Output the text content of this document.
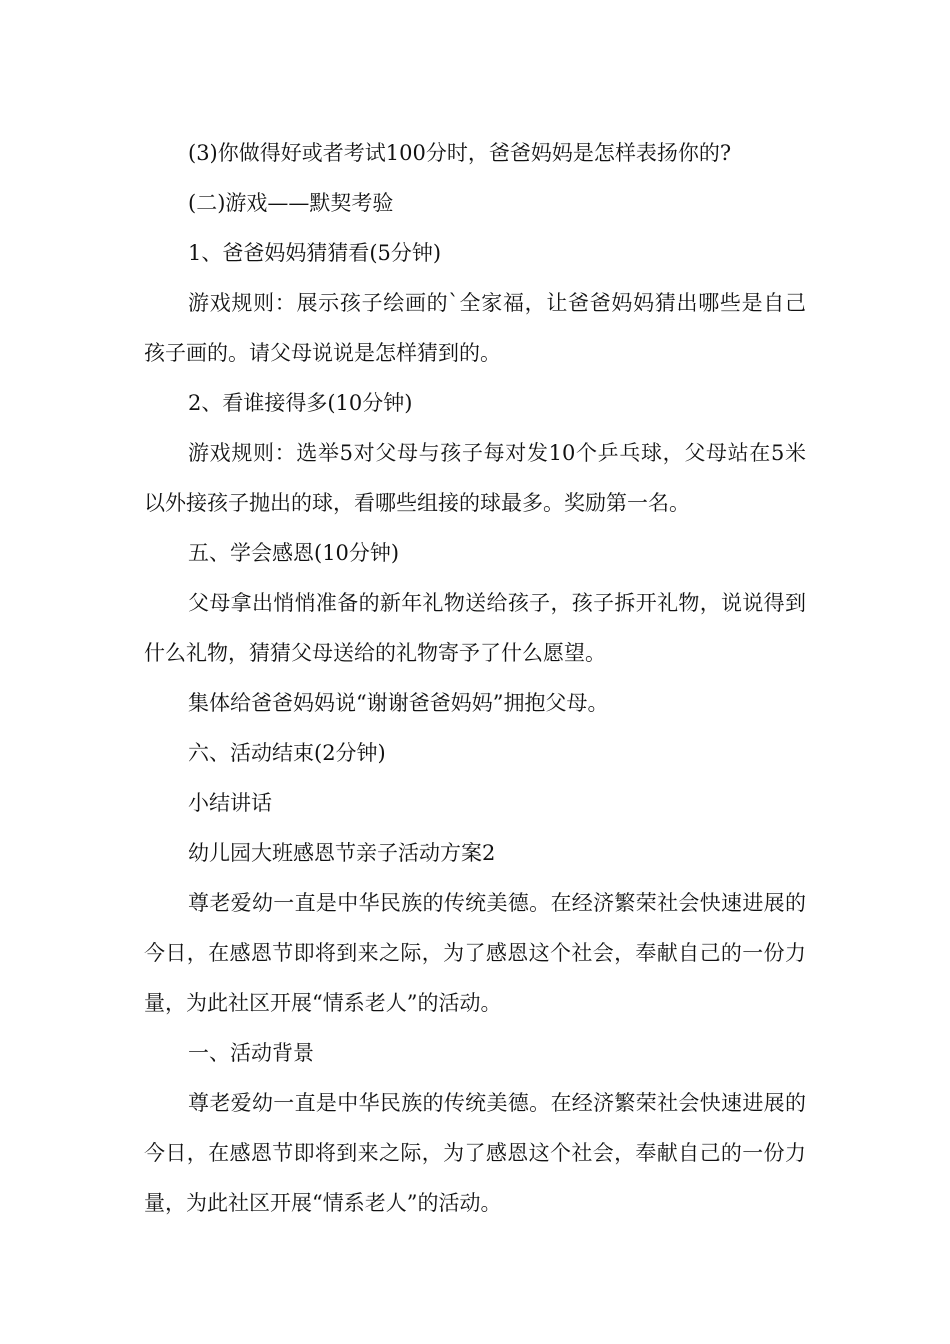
(3)你做得好或者考试100分时，爸爸妈妈是怎样表扬你的?

(二)游戏——默契考验

1、爸爸妈妈猜猜看(5分钟)

游戏规则：展示孩子绘画的`全家福，让爸爸妈妈猜出哪些是自己孩子画的。请父母说说是怎样猜到的。

2、看谁接得多(10分钟)

游戏规则：选举5对父母与孩子每对发10个乒乓球，父母站在5米以外接孩子抛出的球，看哪些组接的球最多。奖励第一名。

五、学会感恩(10分钟)

父母拿出悄悄准备的新年礼物送给孩子，孩子拆开礼物，说说得到什么礼物，猜猜父母送给的礼物寄予了什么愿望。

集体给爸爸妈妈说“谢谢爸爸妈妈”拥抱父母。

六、活动结束(2分钟)

小结讲话

幼儿园大班感恩节亲子活动方案2

尊老爱幼一直是中华民族的传统美德。在经济繁荣社会快速进展的今日，在感恩节即将到来之际，为了感恩这个社会，奉献自己的一份力量，为此社区开展“情系老人”的活动。

一、活动背景

尊老爱幼一直是中华民族的传统美德。在经济繁荣社会快速进展的今日，在感恩节即将到来之际，为了感恩这个社会，奉献自己的一份力量，为此社区开展“情系老人”的活动。
